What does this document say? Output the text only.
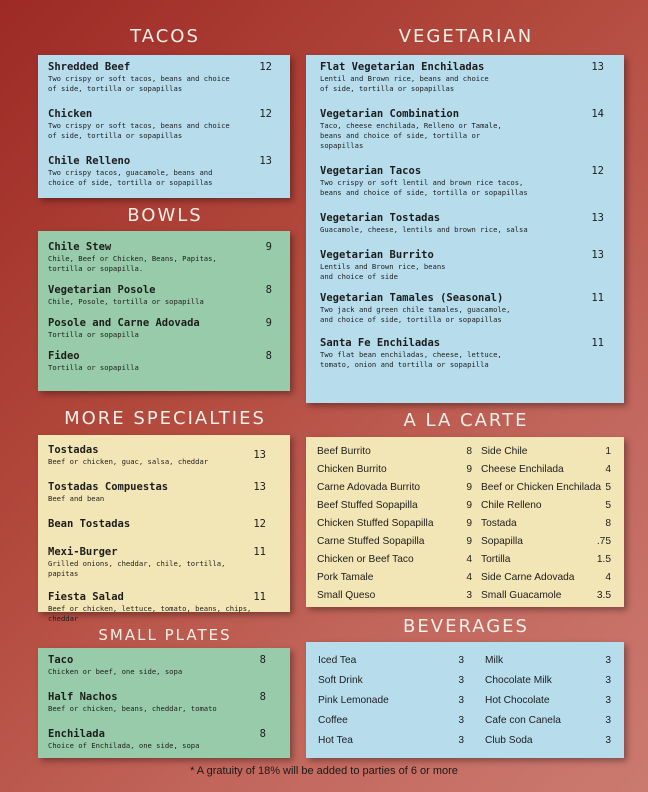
TACOS
Shredded Beef	12
Two crispy or soft tacos, beans and choice of side, tortilla or sopapillas
Chicken	12
Two crispy or soft tacos, beans and choice of side, tortilla or sopapillas
Chile Relleno	13
Two crispy tacos, guacamole, beans and choice of side, tortilla or sopapillas
BOWLS
Chile Stew	9
Chile, Beef or Chicken, Beans, Papitas, tortilla or sopapilla.
Vegetarian Posole	8
Chile, Posole, tortilla or sopapilla
Posole and Carne Adovada	9
Tortilla or sopapilla
Fideo	8
Tortilla or sopapilla
MORE SPECIALTIES
Tostadas	13
Beef or chicken, guac, salsa, cheddar
Tostadas Compuestas	13
Beef and bean
Bean Tostadas	12
Mexi-Burger	11
Grilled onions, cheddar, chile, tortilla, papitas
Fiesta Salad	11
Beef or chicken, lettuce, tomato, beans, chips, cheddar
SMALL PLATES
Taco	8
Chicken or beef, one side, sopa
Half Nachos	8
Beef or chicken, beans, cheddar, tomato
Enchilada	8
Choice of Enchilada, one side, sopa
VEGETARIAN
Flat Vegetarian Enchiladas	13
Lentil and Brown rice, beans and choice of side, tortilla or sopapillas
Vegetarian Combination	14
Taco, cheese enchilada, Relleno or Tamale, beans and choice of side, tortilla or sopapillas
Vegetarian Tacos	12
Two crispy or soft lentil and brown rice tacos, beans and choice of side, tortilla or sopapillas
Vegetarian Tostadas	13
Guacamole, cheese, lentils and brown rice, salsa
Vegetarian Burrito	13
Lentils and Brown rice, beans and choice of side
Vegetarian Tamales (Seasonal)	11
Two jack and green chile tamales, guacamole, and choice of side, tortilla or sopapillas
Santa Fe Enchiladas	11
Two flat bean enchiladas, cheese, lettuce, tomato, onion and tortilla or sopapilla
A LA CARTE
Beef Burrito	8
Chicken Burrito	9
Carne Adovada Burrito	9
Beef Stuffed Sopapilla	9
Chicken Stuffed Sopapilla	9
Carne Stuffed Sopapilla	9
Chicken or Beef Taco	4
Pork Tamale	4
Small Queso	3
Side Chile	1
Cheese Enchilada	4
Beef or Chicken Enchilada 5
Chile Relleno	5
Tostada	8
Sopapilla	.75
Tortilla	1.5
Side Carne Adovada	4
Small Guacamole	3.5
BEVERAGES
Iced Tea	3
Soft Drink	3
Pink Lemonade	3
Coffee	3
Hot Tea	3
Milk	3
Chocolate Milk	3
Hot Chocolate	3
Cafe con Canela	3
Club Soda	3
* A gratuity of 18% will be added to parties of 6 or more
